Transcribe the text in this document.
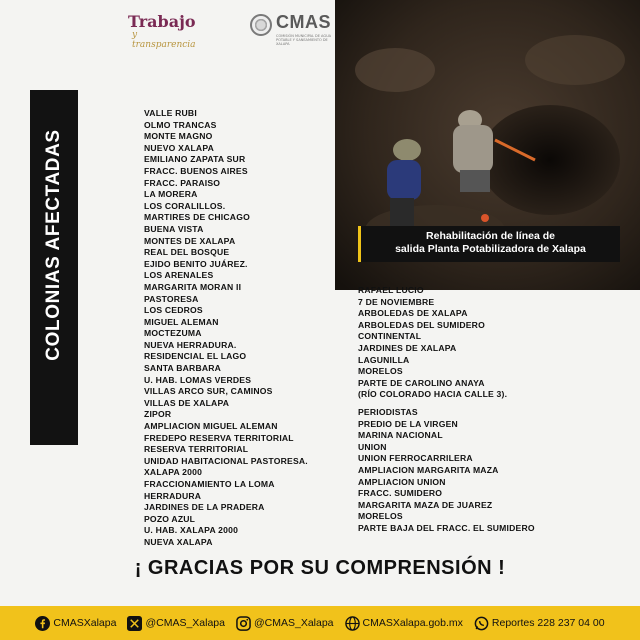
Trabajo
y transparencia
CMAS
COMISIÓN MUNICIPAL DE AGUA POTABLE Y SANEAMIENTO DE XALAPA
Rehabilitación de línea de
salida Planta Potabilizadora de Xalapa
COLONIAS AFECTADAS
VALLE RUBI
OLMO TRANCAS
MONTE MAGNO
NUEVO XALAPA
EMILIANO ZAPATA SUR
FRACC. BUENOS AIRES
FRACC. PARAISO
LA MORERA
LOS CORALILLOS.
MARTIRES DE CHICAGO
BUENA VISTA
MONTES DE XALAPA
REAL DEL BOSQUE
EJIDO BENITO JUÁREZ.
LOS ARENALES
MARGARITA MORAN II
PASTORESA
LOS CEDROS
MIGUEL ALEMAN
MOCTEZUMA
NUEVA HERRADURA.
RESIDENCIAL EL LAGO
SANTA BARBARA
U. HAB. LOMAS VERDES
VILLAS ARCO SUR, CAMINOS
VILLAS DE XALAPA
ZIPOR
AMPLIACION MIGUEL ALEMAN
FREDEPO RESERVA TERRITORIAL
RESERVA TERRITORIAL
UNIDAD HABITACIONAL PASTORESA.
XALAPA 2000
FRACCIONAMIENTO LA LOMA
HERRADURA
JARDINES DE LA PRADERA
POZO AZUL
U. HAB. XALAPA 2000
NUEVA XALAPA
RAFAEL LUCIO
7 DE NOVIEMBRE
ARBOLEDAS DE XALAPA
ARBOLEDAS DEL SUMIDERO
CONTINENTAL
JARDINES DE XALAPA
LAGUNILLA
MORELOS
PARTE DE CAROLINO ANAYA
(RÍO COLORADO HACIA CALLE 3).
PERIODISTAS
PREDIO DE LA VIRGEN
MARINA NACIONAL
UNION
UNION FERROCARRILERA
AMPLIACION MARGARITA MAZA
AMPLIACION UNION
FRACC. SUMIDERO
MARGARITA MAZA DE JUAREZ
MORELOS
PARTE BAJA DEL FRACC. EL SUMIDERO
¡ GRACIAS POR SU COMPRENSIÓN !
CMASXalapa	@CMAS_Xalapa	@CMAS_Xalapa	CMASXalapa.gob.mx	Reportes 228 237 04 00
